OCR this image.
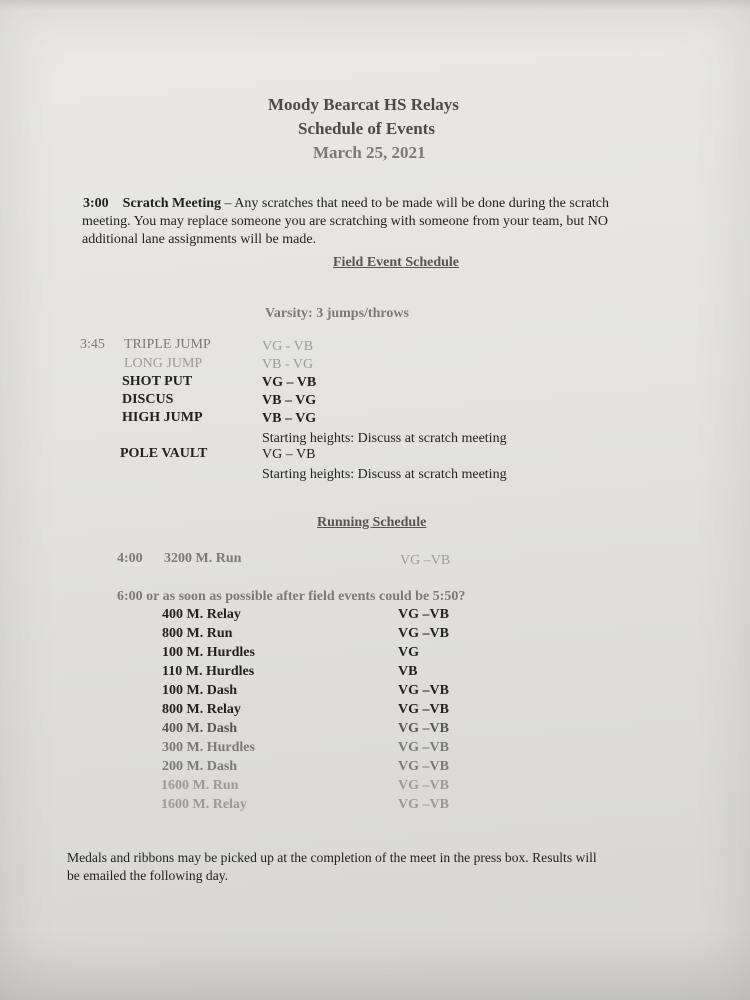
Moody Bearcat HS Relays
Schedule of Events
March 25, 2021
3:00 Scratch Meeting – Any scratches that need to be made will be done during the scratch
meeting. You may replace someone you are scratching with someone from your team, but NO
additional lane assignments will be made.
Field Event Schedule
Varsity: 3 jumps/throws
3:45 TRIPLE JUMP	VG - VB
LONG JUMP	VB - VG
SHOT PUT	VG – VB
DISCUS	VB – VG
HIGH JUMP	VB – VG
Starting heights: Discuss at scratch meeting
POLE VAULT	VG – VB
Starting heights: Discuss at scratch meeting
Running Schedule
4:00 3200 M. Run	VG –VB
6:00 or as soon as possible after field events could be 5:50?
400 M. Relay	VG –VB
800 M. Run	VG –VB
100 M. Hurdles	VG
110 M. Hurdles	VB
100 M. Dash	VG –VB
800 M. Relay	VG –VB
400 M. Dash	VG –VB
300 M. Hurdles	VG –VB
200 M. Dash	VG –VB
1600 M. Run	VG –VB
1600 M. Relay	VG –VB
Medals and ribbons may be picked up at the completion of the meet in the press box. Results will
be emailed the following day.
